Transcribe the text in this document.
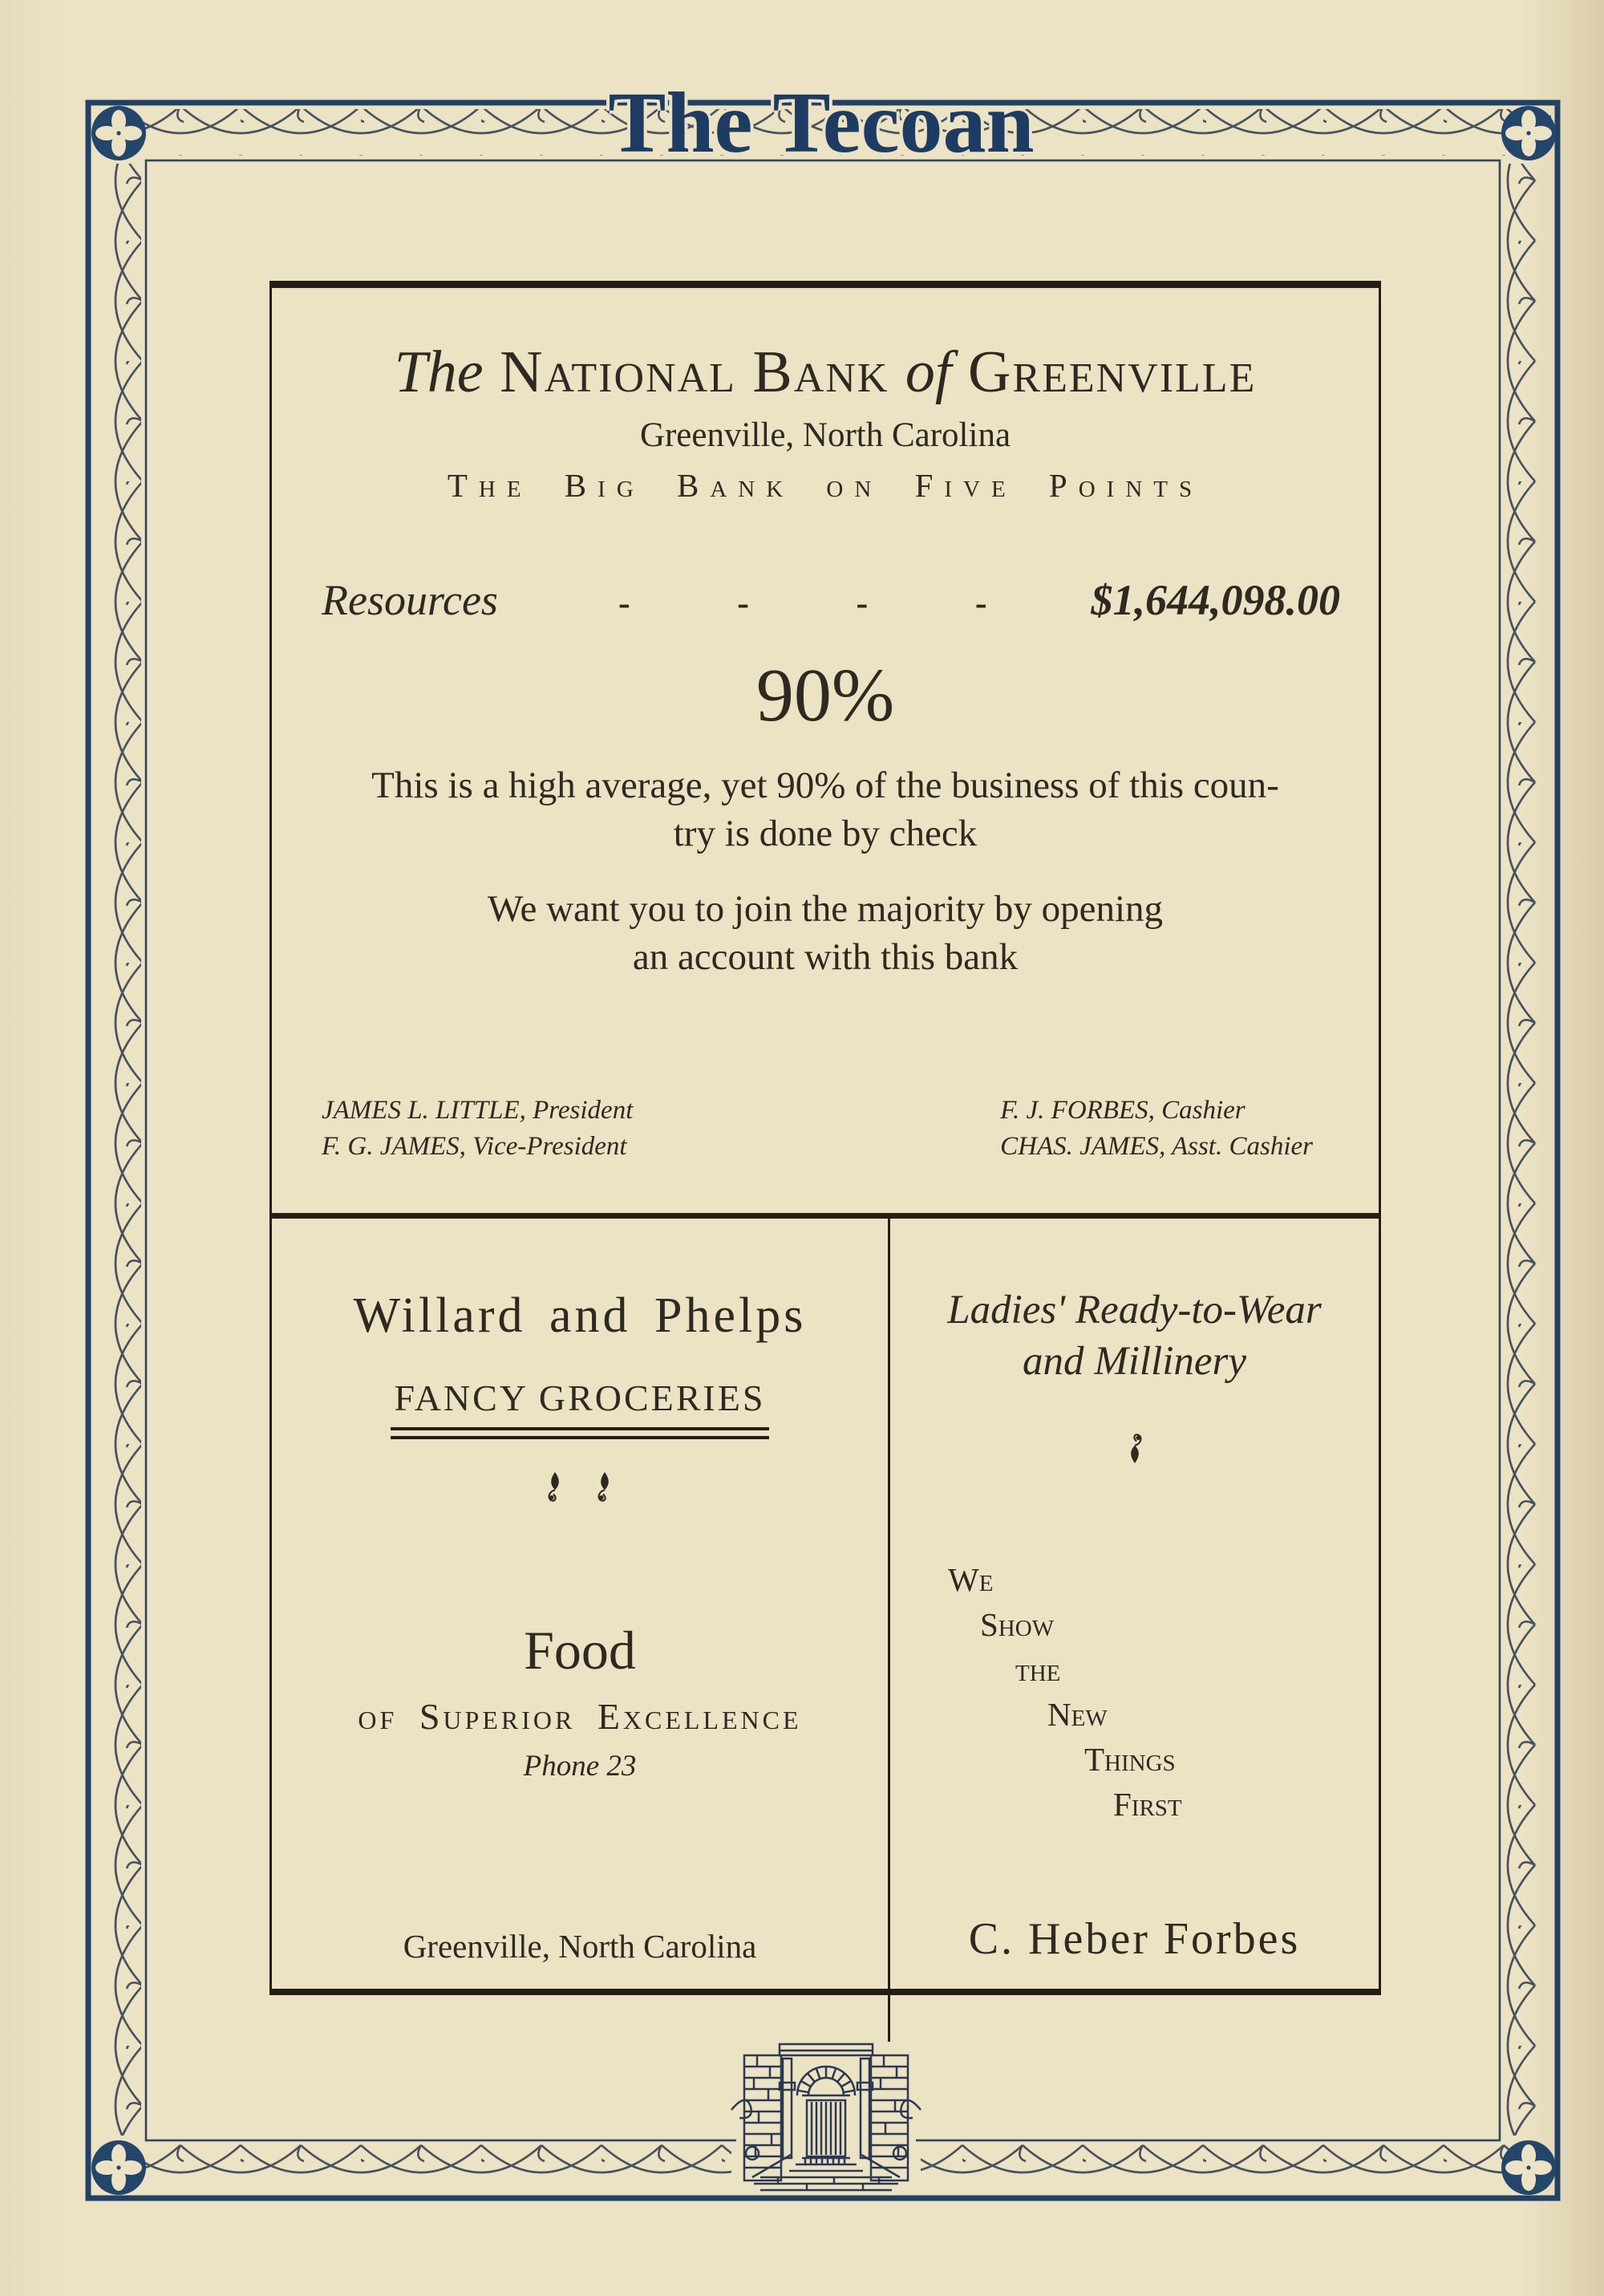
The Tecoan
The National Bank of Greenville
Greenville, North Carolina
The Big Bank on Five Points
Resources	-	-	-	- $1,644,098.00
90%
This is a high average, yet 90% of the business of this coun-
try is done by check
We want you to join the majority by opening
an account with this bank
JAMES L. LITTLE, President
F. G. JAMES, Vice-President
F. J. FORBES, Cashier
CHAS. JAMES, Asst. Cashier
Willard and Phelps
FANCY GROCERIES
Food
of Superior Excellence
Phone 23
Greenville, North Carolina
Ladies' Ready-to-Wear
and Millinery
We
Show
the
New
Things
First
C. Heber Forbes
